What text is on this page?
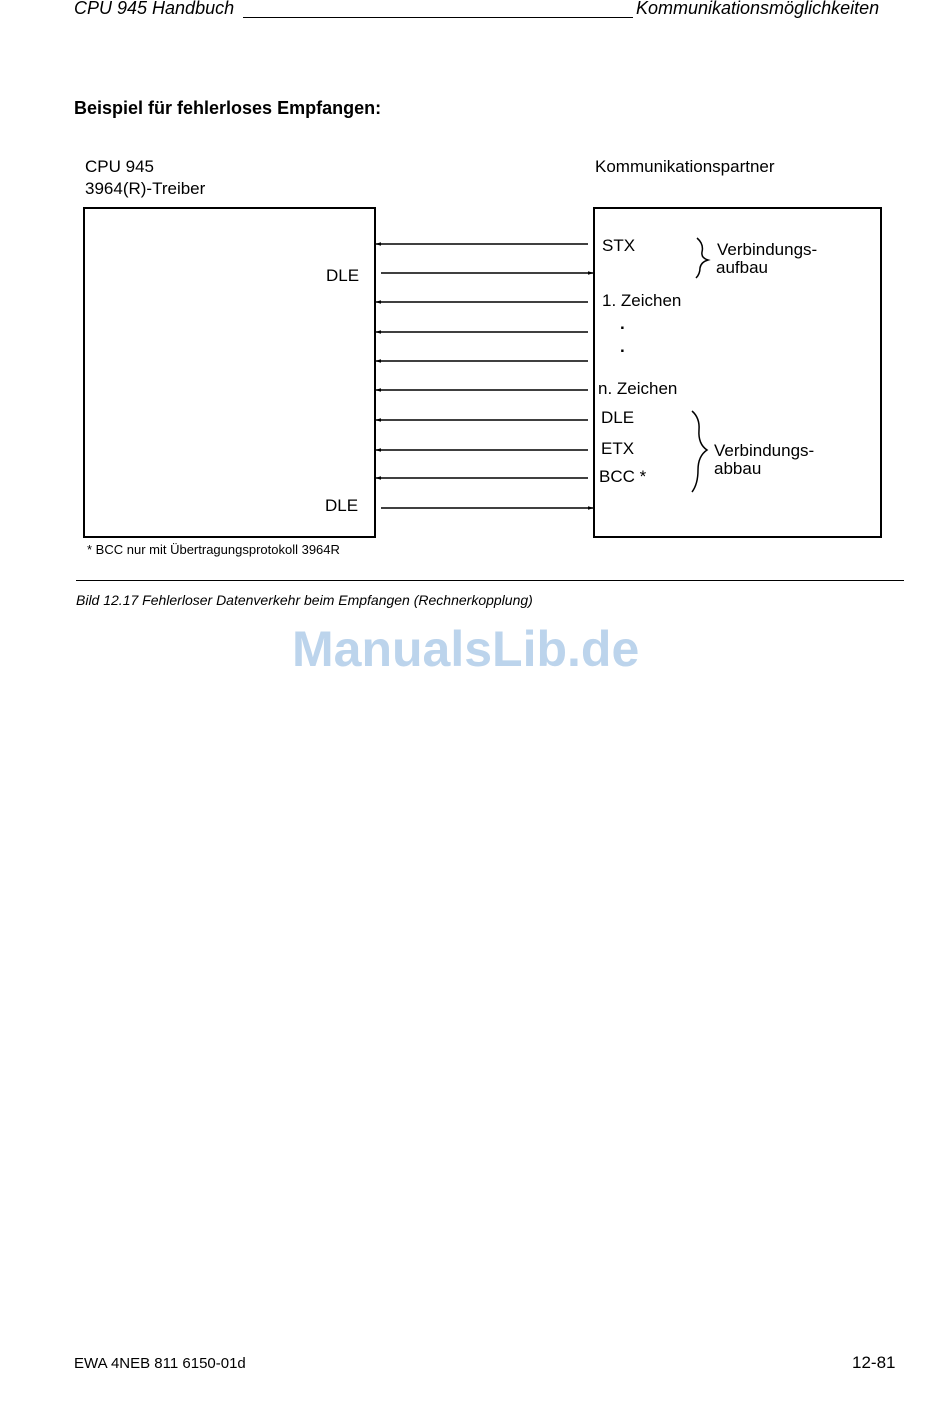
CPU 945 Handbuch	Kommunikationsmöglichkeiten
Beispiel für fehlerloses Empfangen:
CPU 945
3964(R)-Treiber
Kommunikationspartner
DLE
DLE
STX
1. Zeichen
.
.
n. Zeichen
DLE
ETX
BCC *
Verbindungs-
aufbau
Verbindungs-
abbau
* BCC nur mit Übertragungsprotokoll 3964R
Bild 12.17 Fehlerloser Datenverkehr beim Empfangen (Rechnerkopplung)
ManualsLib.de
EWA 4NEB 811 6150-01d	12-81
